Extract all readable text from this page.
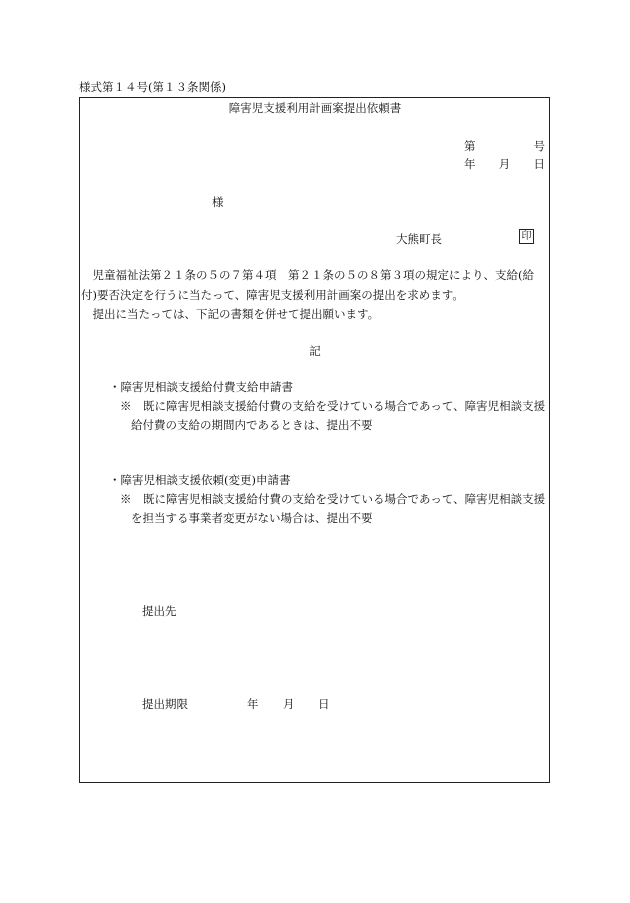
様式第１４号(第１３条関係)
障害児支援利用計画案提出依頼書
第	号
年 月 日
様
大熊町長	印
　児童福祉法第２１条の５の７第４項　第２１条の５の８第３項の規定により、支給(給
付)要否決定を行うに当たって、障害児支援利用計画案の提出を求めます。
　提出に当たっては、下記の書類を併せて提出願います。
記
・障害児相談支援給付費支給申請書
※　既に障害児相談支援給付費の支給を受けている場合であって、障害児相談支援
給付費の支給の期間内であるときは、提出不要
・障害児相談支援依頼(変更)申請書
※　既に障害児相談支援給付費の支給を受けている場合であって、障害児相談支援
を担当する事業者変更がない場合は、提出不要
提出先
提出期限	年 月 日
